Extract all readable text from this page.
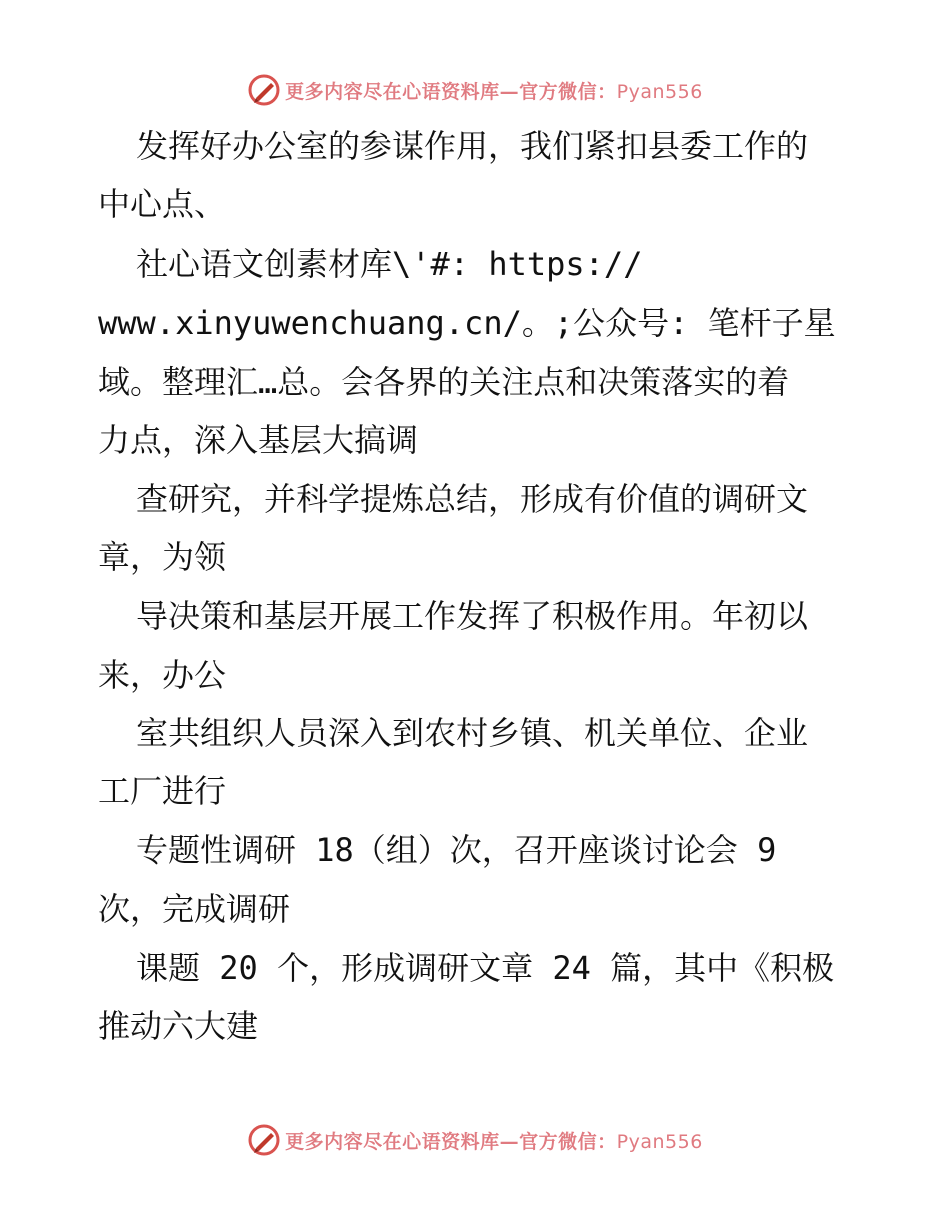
更多内容尽在心语资料库—官方微信：Pyan556
发挥好办公室的参谋作用，我们紧扣县委工作的
中心点、
社心语文创素材库\'#: https://
www.xinyuwenchuang.cn/。;公众号: 笔杆子星
域。整理汇…总。会各界的关注点和决策落实的着
力点，深入基层大搞调
查研究，并科学提炼总结，形成有价值的调研文
章，为领
导决策和基层开展工作发挥了积极作用。年初以
来，办公
室共组织人员深入到农村乡镇、机关单位、企业
工厂进行
专题性调研 18（组）次，召开座谈讨论会 9
次，完成调研
课题 20 个，形成调研文章 24 篇，其中《积极
推动六大建
更多内容尽在心语资料库—官方微信：Pyan556
